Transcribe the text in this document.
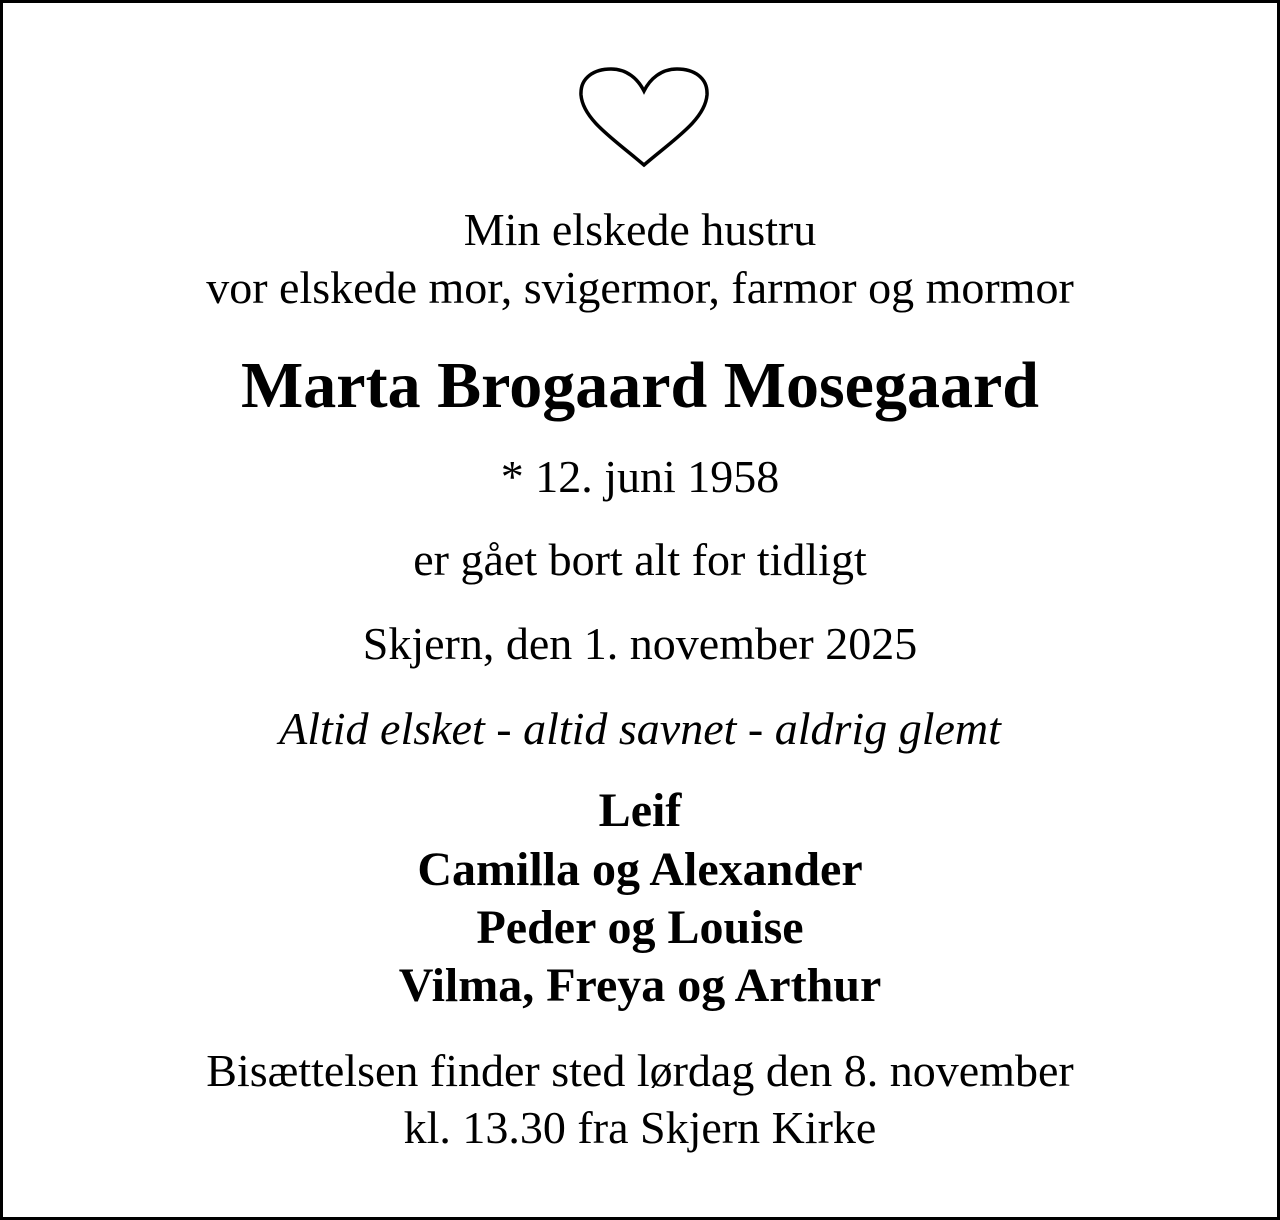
Min elskede hustru
vor elskede mor, svigermor, farmor og mormor
Marta Brogaard Mosegaard
* 12. juni 1958
er gået bort alt for tidligt
Skjern, den 1. november 2025
Altid elsket - altid savnet - aldrig glemt
Leif
Camilla og Alexander
Peder og Louise
Vilma, Freya og Arthur
Bisættelsen finder sted lørdag den 8. november
kl. 13.30 fra Skjern Kirke
